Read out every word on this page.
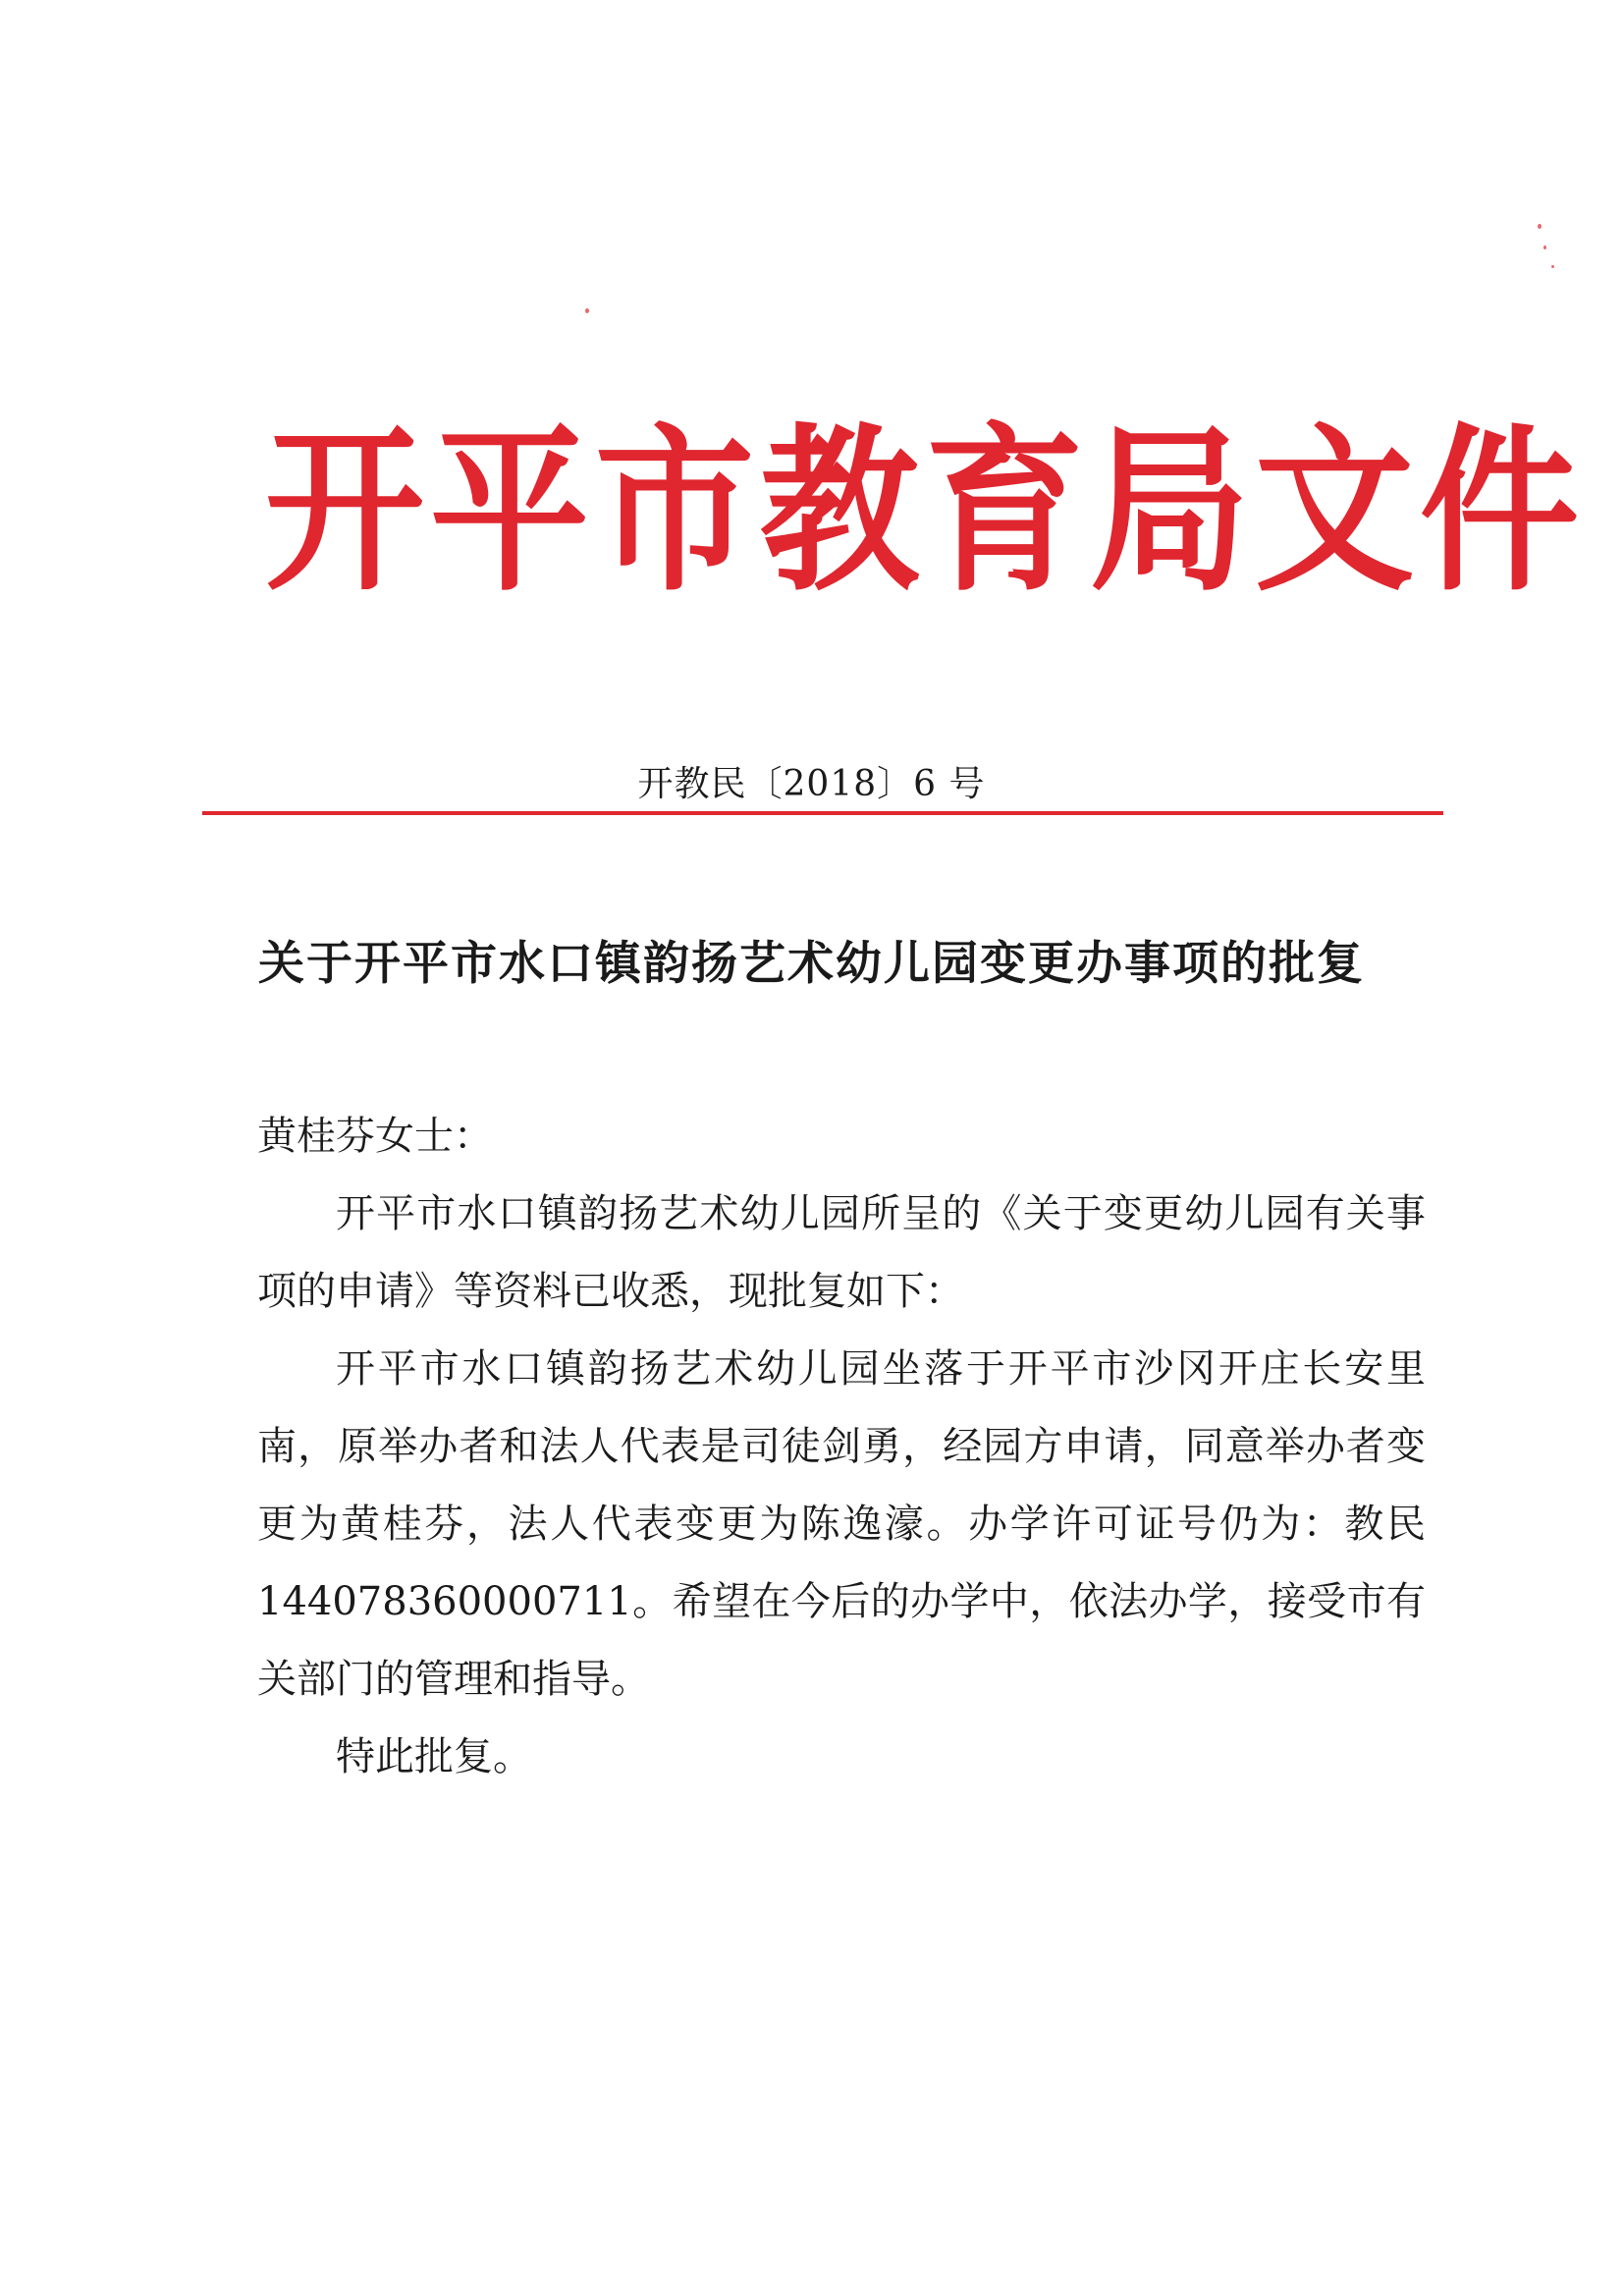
开平市教育局文件
开教民〔2018〕6 号
关于开平市水口镇韵扬艺术幼儿园变更办事项的批复

黄桂芬女士：

开平市水口镇韵扬艺术幼儿园所呈的《关于变更幼儿园有关事项的申请》等资料已收悉，现批复如下：

开平市水口镇韵扬艺术幼儿园坐落于开平市沙冈开庄长安里南，原举办者和法人代表是司徒剑勇，经园方申请，同意举办者变更为黄桂芬，法人代表变更为陈逸濠。办学许可证号仍为：教民144078360000711。希望在今后的办学中，依法办学，接受市有关部门的管理和指导。

特此批复。
